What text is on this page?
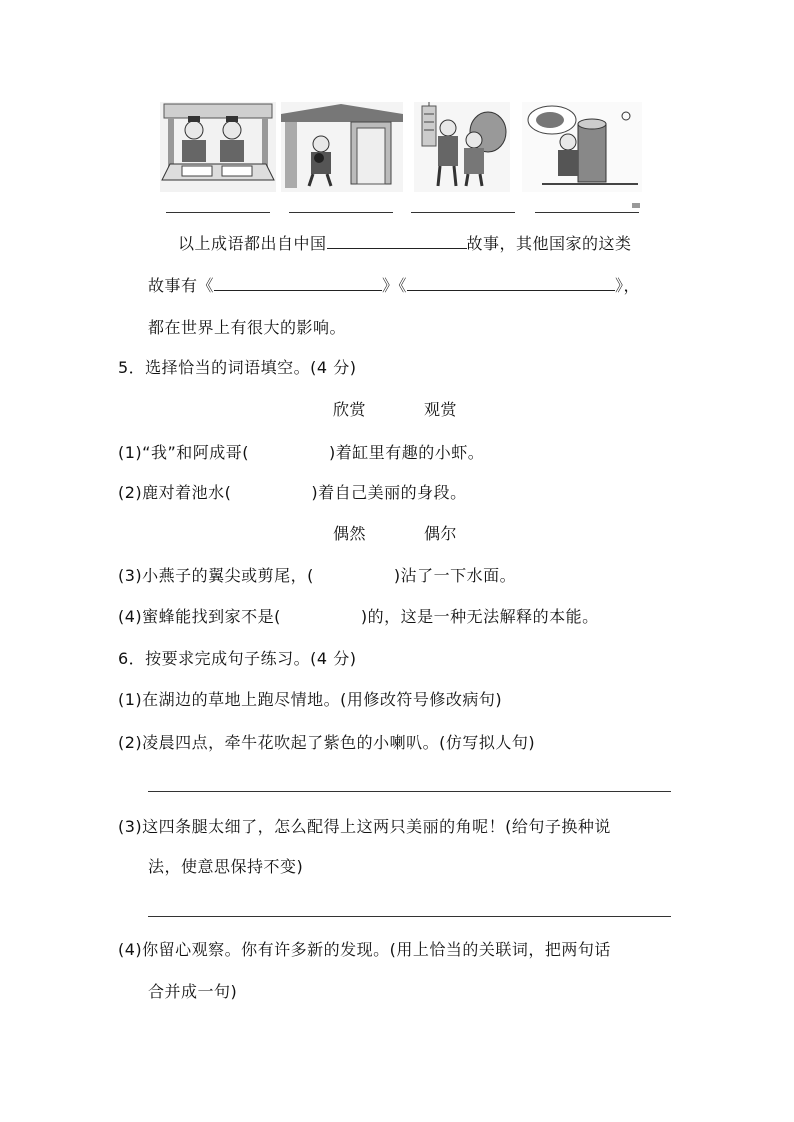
以上成语都出自中国	故事，其他国家的这类
故事有《	》《	》，
都在世界上有很大的影响。
5．选择恰当的词语填空。(4 分)
欣赏	观赏
(1)“我”和阿成哥(	)着缸里有趣的小虾。
(2)鹿对着池水(	)着自己美丽的身段。
偶然	偶尔
(3)小燕子的翼尖或剪尾，(	)沾了一下水面。
(4)蜜蜂能找到家不是(	)的，这是一种无法解释的本能。
6．按要求完成句子练习。(4 分)
(1)在湖边的草地上跑尽情地。(用修改符号修改病句)
(2)凌晨四点，牵牛花吹起了紫色的小喇叭。(仿写拟人句)
(3)这四条腿太细了，怎么配得上这两只美丽的角呢！(给句子换种说
法，使意思保持不变)
(4)你留心观察。你有许多新的发现。(用上恰当的关联词，把两句话
合并成一句)
